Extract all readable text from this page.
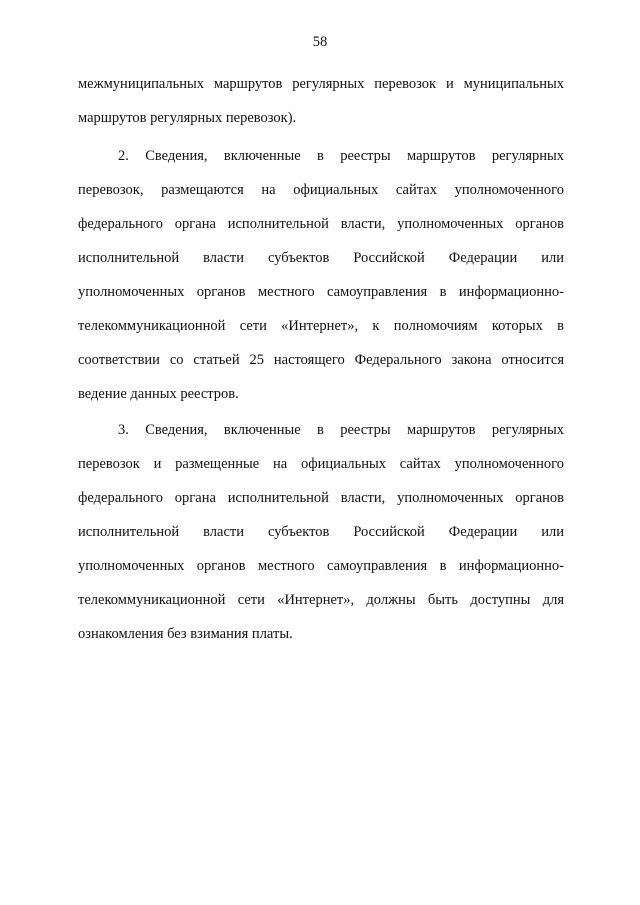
58
межмуниципальных маршрутов регулярных перевозок и муниципальных
маршрутов регулярных перевозок).
2. Сведения, включенные в реестры маршрутов регулярных
перевозок, размещаются на официальных сайтах уполномоченного
федерального органа исполнительной власти, уполномоченных органов
исполнительной власти субъектов Российской Федерации или
уполномоченных органов местного самоуправления в информационно-
телекоммуникационной сети «Интернет», к полномочиям которых в
соответствии со статьей 25 настоящего Федерального закона относится
ведение данных реестров.
3. Сведения, включенные в реестры маршрутов регулярных
перевозок и размещенные на официальных сайтах уполномоченного
федерального органа исполнительной власти, уполномоченных органов
исполнительной власти субъектов Российской Федерации или
уполномоченных органов местного самоуправления в информационно-
телекоммуникационной сети «Интернет», должны быть доступны для
ознакомления без взимания платы.
